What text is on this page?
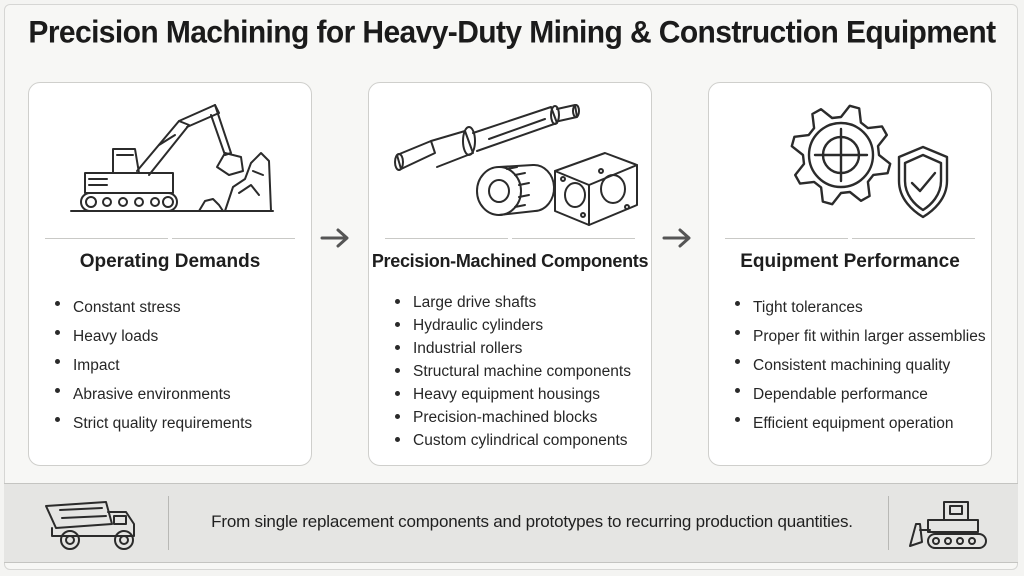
Precision Machining for Heavy-Duty Mining & Construction Equipment
Operating Demands
Constant stress
Heavy loads
Impact
Abrasive environments
Strict quality requirements
Precision-Machined Components
Large drive shafts
Hydraulic cylinders
Industrial rollers
Structural machine components
Heavy equipment housings
Precision-machined blocks
Custom cylindrical components
Equipment Performance
Tight tolerances
Proper fit within larger assemblies
Consistent machining quality
Dependable performance
Efficient equipment operation
From single replacement components and prototypes to recurring production quantities.
